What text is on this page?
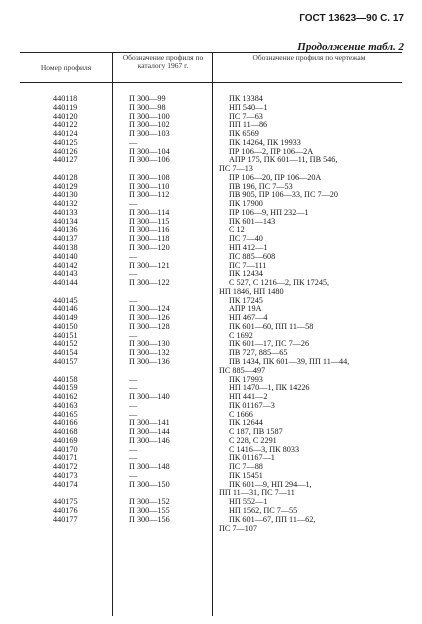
ГОСТ 13623—90 С. 17
Продолжение табл. 2
Номер профиля
Обозначение профиля по каталогу 1967 г.
Обозначение профиля по чертежам
440118	П 300—99	ПК 13384
440119	П 300—98	НП 540—1
440120	П 300—100	ПС 7—63
440122	П 300—102	ПП 11—86
440124	П 300—103	ПК 6569
440125	—	ПК 14264, ПК 19933
440126	П 300—104	ПР 106—2, ПР 106—2А
440127	П 300—106	АПР 175, ПК 601—11, ПВ 546,
ПС 7—13
440128	П 300—108	ПР 106—20, ПР 106—20А
440129	П 300—110	ПВ 196, ПС 7—53
440130	П 300—112	ПВ 905, ПР 106—33, ПС 7—20
440132	—	ПК 17900
440133	П 300—114	ПР 106—9, НП 232—1
440134	П 300—115	ПК 601—143
440136	П 300—116	С 12
440137	П 300—118	ПС 7—40
440138	П 300—120	НП 412—1
440140	—	ПС 885—608
440142	П 300—121	ПС 7—111
440143	—	ПК 12434
440144	П 300—122	С 527, С 1216—2, ПК 17245,
НП 1846, НП 1480
440145	—	ПК 17245
440146	П 300—124	АПР 19А
440149	П 300—126	НП 467—4
440150	П 300—128	ПК 601—60, ПП 11—58
440151	—	С 1692
440152	П 300—130	ПК 601—17, ПС 7—26
440154	П 300—132	ПВ 727, 885—65
440157	П 300—136	ПВ 1434, ПК 601—39, ПП 11—44,
ПС 885—497
440158	—	ПК 17993
440159	—	НП 1470—1, ПК 14226
440162	П 300—140	НП 441—2
440163	—	ПК 01167—3
440165	—	С 1666
440166	П 300—141	ПК 12644
440168	П 300—144	С 187, ПВ 1587
440169	П 300—146	С 228, С 2291
440170	—	С 1416—3, ПК 8033
440171	—	ПК 01167—1
440172	П 300—148	ПС 7—88
440173	—	ПК 15451
440174	П 300—150	ПК 601—9, НП 294—1,
ПП 11—31, ПС 7—11
440175	П 300—152	НП 552—1
440176	П 300—155	НП 1562, ПС 7—55
440177	П 300—156	ПК 601—67, ПП 11—62,
ПС 7—107
